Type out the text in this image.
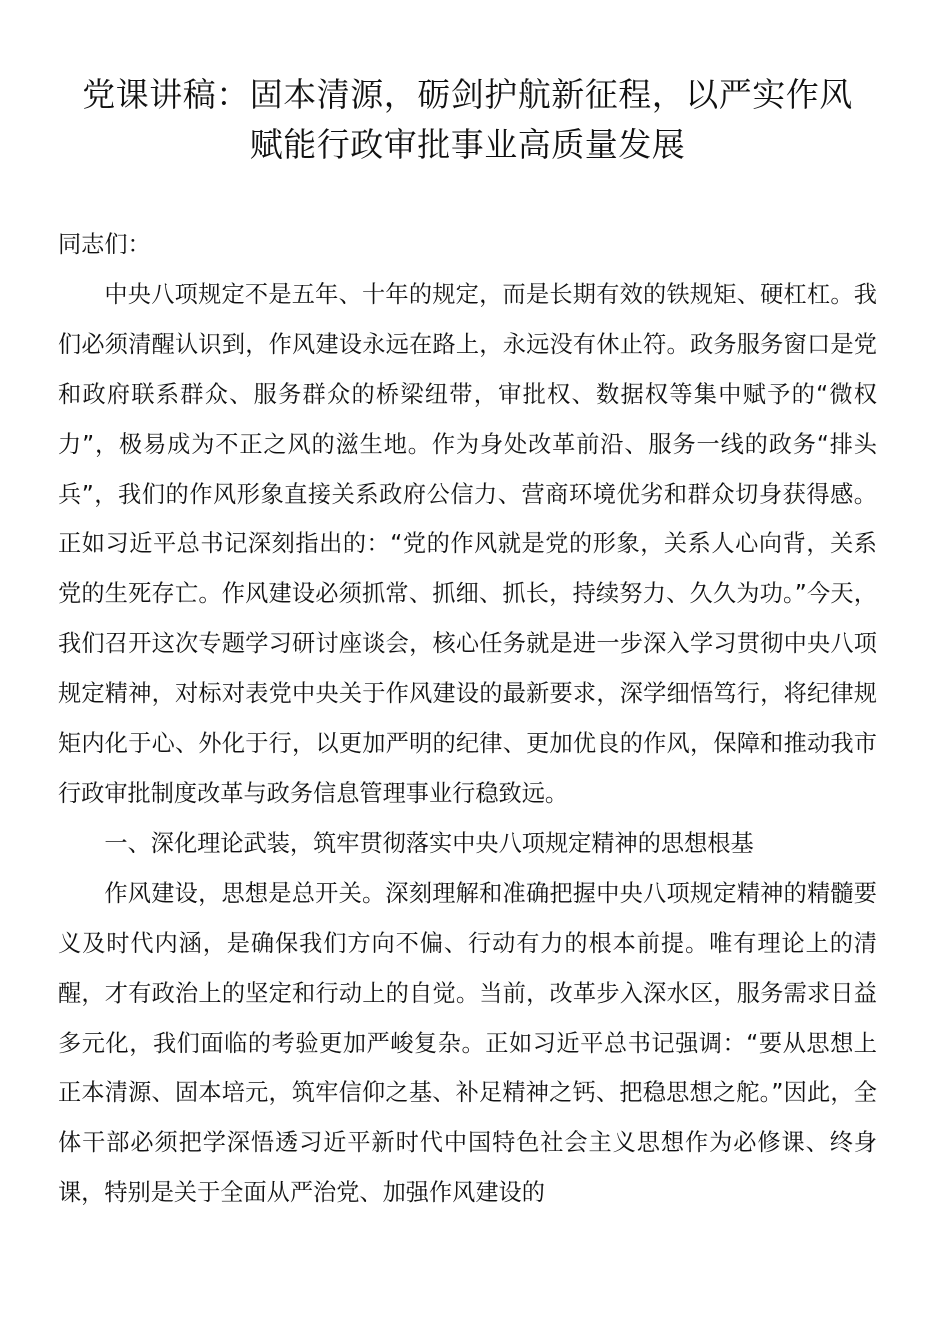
党课讲稿：固本清源，砺剑护航新征程，以严实作风
赋能行政审批事业高质量发展

同志们：

中央八项规定不是五年、十年的规定，而是长期有效的铁规矩、硬杠杠。我们必须清醒认识到，作风建设永远在路上，永远没有休止符。政务服务窗口是党和政府联系群众、服务群众的桥梁纽带，审批权、数据权等集中赋予的“微权力”，极易成为不正之风的滋生地。作为身处改革前沿、服务一线的政务“排头兵”，我们的作风形象直接关系政府公信力、营商环境优劣和群众切身获得感。正如习近平总书记深刻指出的：“党的作风就是党的形象，关系人心向背，关系党的生死存亡。作风建设必须抓常、抓细、抓长，持续努力、久久为功。”今天，我们召开这次专题学习研讨座谈会，核心任务就是进一步深入学习贯彻中央八项规定精神，对标对表党中央关于作风建设的最新要求，深学细悟笃行，将纪律规矩内化于心、外化于行，以更加严明的纪律、更加优良的作风，保障和推动我市行政审批制度改革与政务信息管理事业行稳致远。

一、深化理论武装，筑牢贯彻落实中央八项规定精神的思想根基

作风建设，思想是总开关。深刻理解和准确把握中央八项规定精神的精髓要义及时代内涵，是确保我们方向不偏、行动有力的根本前提。唯有理论上的清醒，才有政治上的坚定和行动上的自觉。当前，改革步入深水区，服务需求日益多元化，我们面临的考验更加严峻复杂。正如习近平总书记强调：“要从思想上正本清源、固本培元，筑牢信仰之基、补足精神之钙、把稳思想之舵。”因此，全体干部必须把学深悟透习近平新时代中国特色社会主义思想作为必修课、终身课，特别是关于全面从严治党、加强作风建设的
